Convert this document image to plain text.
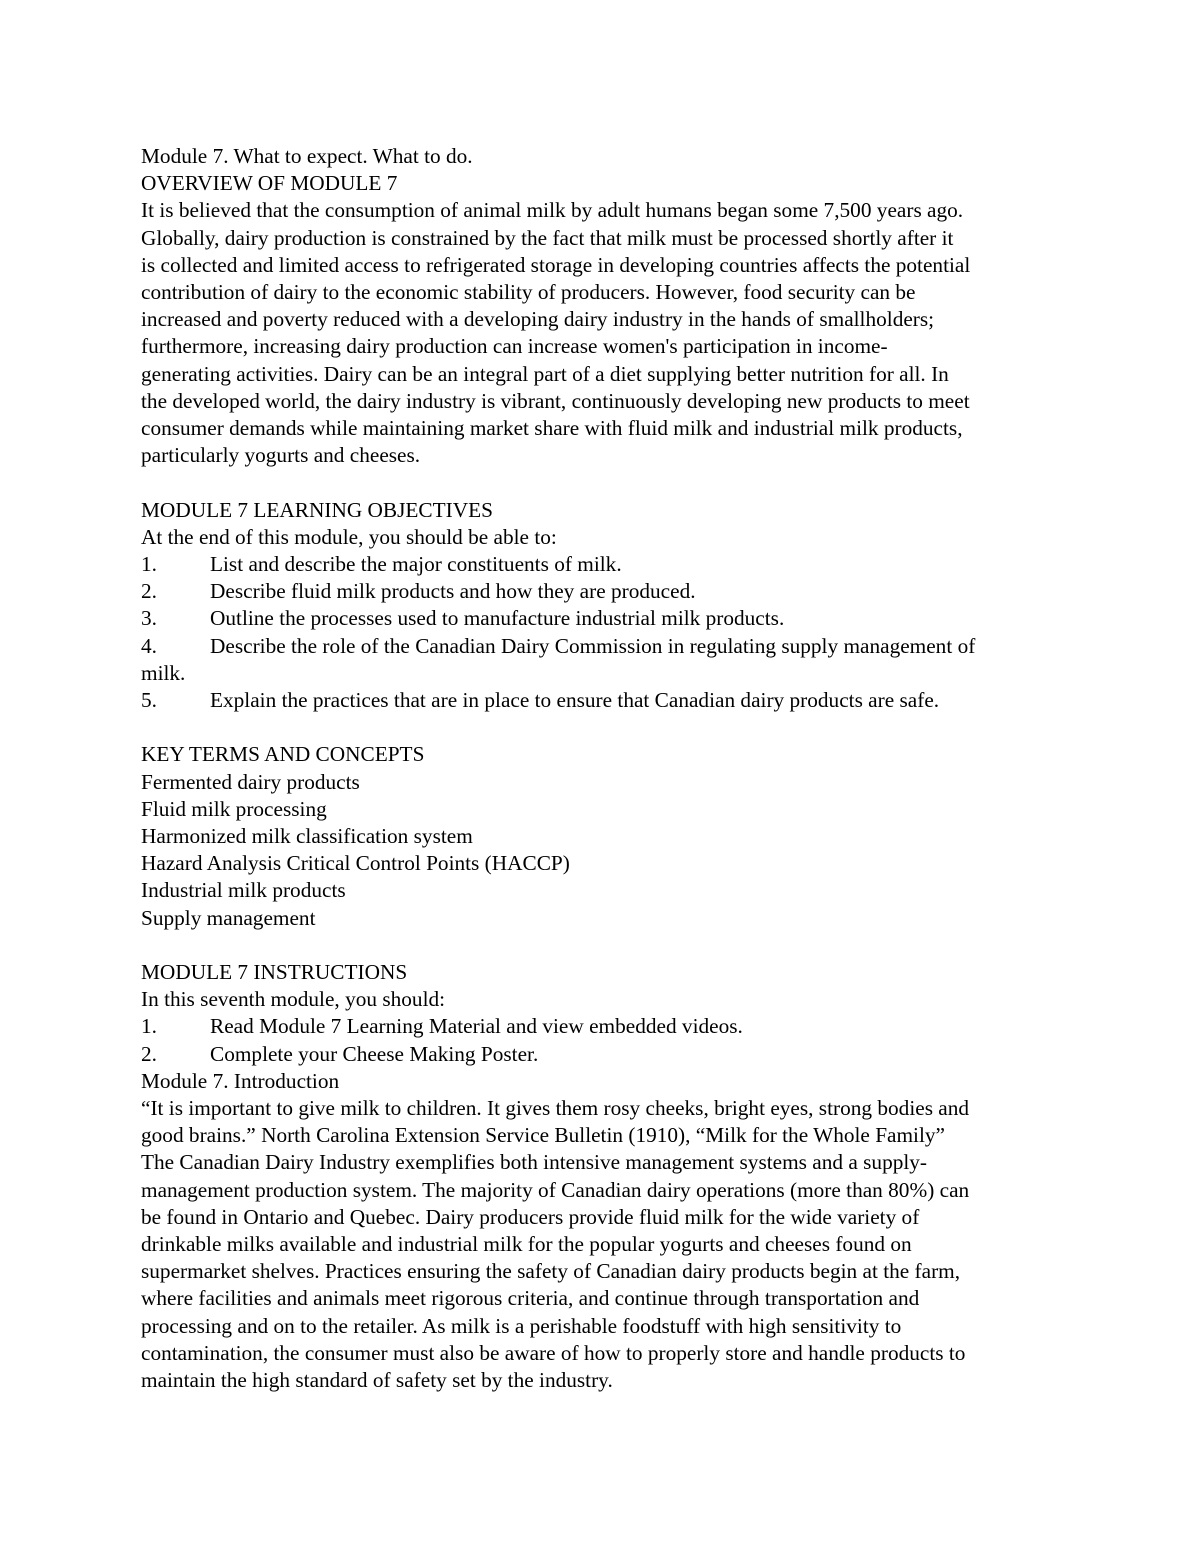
Module 7. What to expect. What to do.
OVERVIEW OF MODULE 7
It is believed that the consumption of animal milk by adult humans began some 7,500 years ago.
Globally, dairy production is constrained by the fact that milk must be processed shortly after it
is collected and limited access to refrigerated storage in developing countries affects the potential
contribution of dairy to the economic stability of producers. However, food security can be
increased and poverty reduced with a developing dairy industry in the hands of smallholders;
furthermore, increasing dairy production can increase women's participation in income-
generating activities. Dairy can be an integral part of a diet supplying better nutrition for all. In
the developed world, the dairy industry is vibrant, continuously developing new products to meet
consumer demands while maintaining market share with fluid milk and industrial milk products,
particularly yogurts and cheeses.
MODULE 7 LEARNING OBJECTIVES
At the end of this module, you should be able to:
1.	List and describe the major constituents of milk.
2.	Describe fluid milk products and how they are produced.
3.	Outline the processes used to manufacture industrial milk products.
4.	Describe the role of the Canadian Dairy Commission in regulating supply management of
milk.
5.	Explain the practices that are in place to ensure that Canadian dairy products are safe.
KEY TERMS AND CONCEPTS
Fermented dairy products
Fluid milk processing
Harmonized milk classification system
Hazard Analysis Critical Control Points (HACCP)
Industrial milk products
Supply management
MODULE 7 INSTRUCTIONS
In this seventh module, you should:
1.	Read Module 7 Learning Material and view embedded videos.
2.	Complete your Cheese Making Poster.
Module 7. Introduction
“It is important to give milk to children. It gives them rosy cheeks, bright eyes, strong bodies and
good brains.” North Carolina Extension Service Bulletin (1910), “Milk for the Whole Family”
The Canadian Dairy Industry exemplifies both intensive management systems and a supply-
management production system. The majority of Canadian dairy operations (more than 80%) can
be found in Ontario and Quebec. Dairy producers provide fluid milk for the wide variety of
drinkable milks available and industrial milk for the popular yogurts and cheeses found on
supermarket shelves. Practices ensuring the safety of Canadian dairy products begin at the farm,
where facilities and animals meet rigorous criteria, and continue through transportation and
processing and on to the retailer. As milk is a perishable foodstuff with high sensitivity to
contamination, the consumer must also be aware of how to properly store and handle products to
maintain the high standard of safety set by the industry.
